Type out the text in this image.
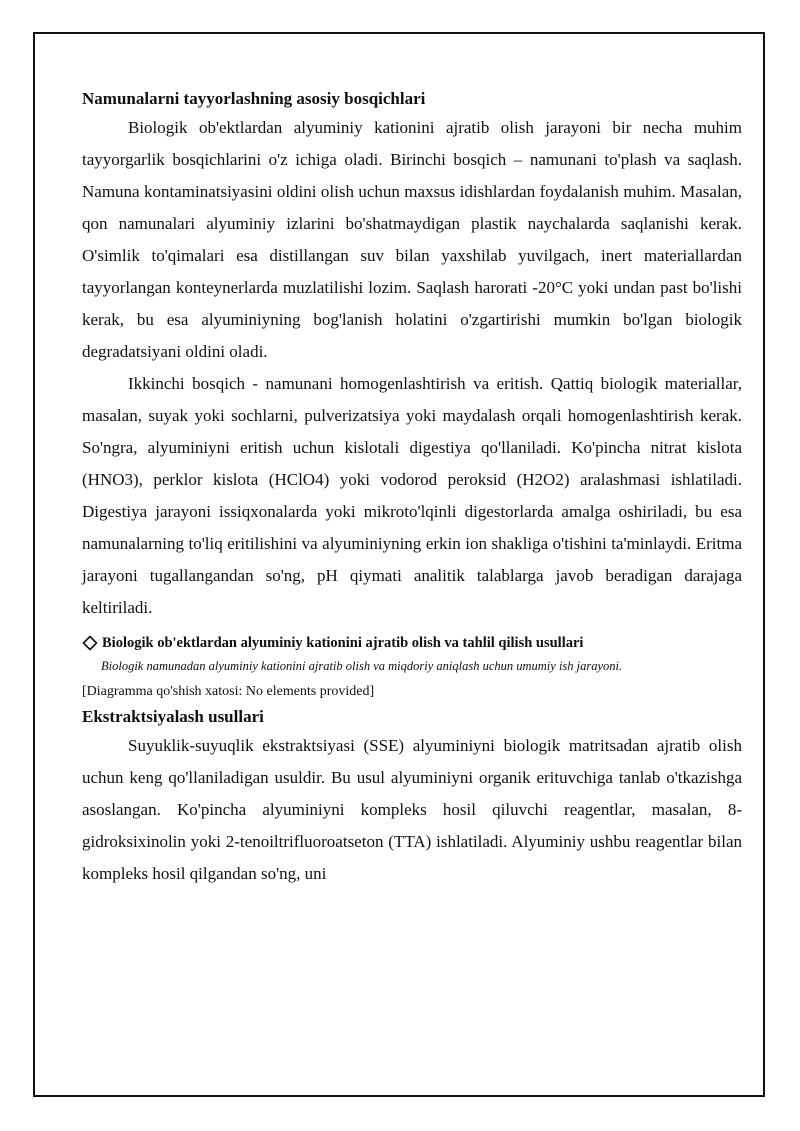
Namunalarni tayyorlashning asosiy bosqichlari

Biologik ob'ektlardan alyuminiy kationini ajratib olish jarayoni bir necha muhim tayyorgarlik bosqichlarini o'z ichiga oladi. Birinchi bosqich – namunani to'plash va saqlash. Namuna kontaminatsiyasini oldini olish uchun maxsus idishlardan foydalanish muhim. Masalan, qon namunalari alyuminiy izlarini bo'shatmaydigan plastik naychalarda saqlanishi kerak. O'simlik to'qimalari esa distillangan suv bilan yaxshilab yuvilgach, inert materiallardan tayyorlangan konteynerlarda muzlatilishi lozim. Saqlash harorati -20°C yoki undan past bo'lishi kerak, bu esa alyuminiyning bog'lanish holatini o'zgartirishi mumkin bo'lgan biologik degradatsiyani oldini oladi.

Ikkinchi bosqich - namunani homogenlashtirish va eritish. Qattiq biologik materiallar, masalan, suyak yoki sochlarni, pulverizatsiya yoki maydalash orqali homogenlashtirish kerak. So'ngra, alyuminiyni eritish uchun kislotali digestiya qo'llaniladi. Ko'pincha nitrat kislota (HNO3), perklor kislota (HClO4) yoki vodorod peroksid (H2O2) aralashmasi ishlatiladi. Digestiya jarayoni issiqxonalarda yoki mikroto'lqinli digestorlarda amalga oshiriladi, bu esa namunalarning to'liq eritilishini va alyuminiyning erkin ion shakliga o'tishini ta'minlaydi. Eritma jarayoni tugallangandan so'ng, pH qiymati analitik talablarga javob beradigan darajaga keltiriladi.

Biologik ob'ektlardan alyuminiy kationini ajratib olish va tahlil qilish usullari
Biologik namunadan alyuminiy kationini ajratib olish va miqdoriy aniqlash uchun umumiy ish jarayoni.
[Diagramma qo'shish xatosi: No elements provided]
Ekstraktsiyalash usullari

Suyuklik-suyuqlik ekstraktsiyasi (SSE) alyuminiyni biologik matritsadan ajratib olish uchun keng qo'llaniladigan usuldir. Bu usul alyuminiyni organik erituvchiga tanlab o'tkazishga asoslangan. Ko'pincha alyuminiyni kompleks hosil qiluvchi reagentlar, masalan, 8-gidroksixinolin yoki 2-tenoiltrifluoroatseton (TTA) ishlatiladi. Alyuminiy ushbu reagentlar bilan kompleks hosil qilgandan so'ng, uni
